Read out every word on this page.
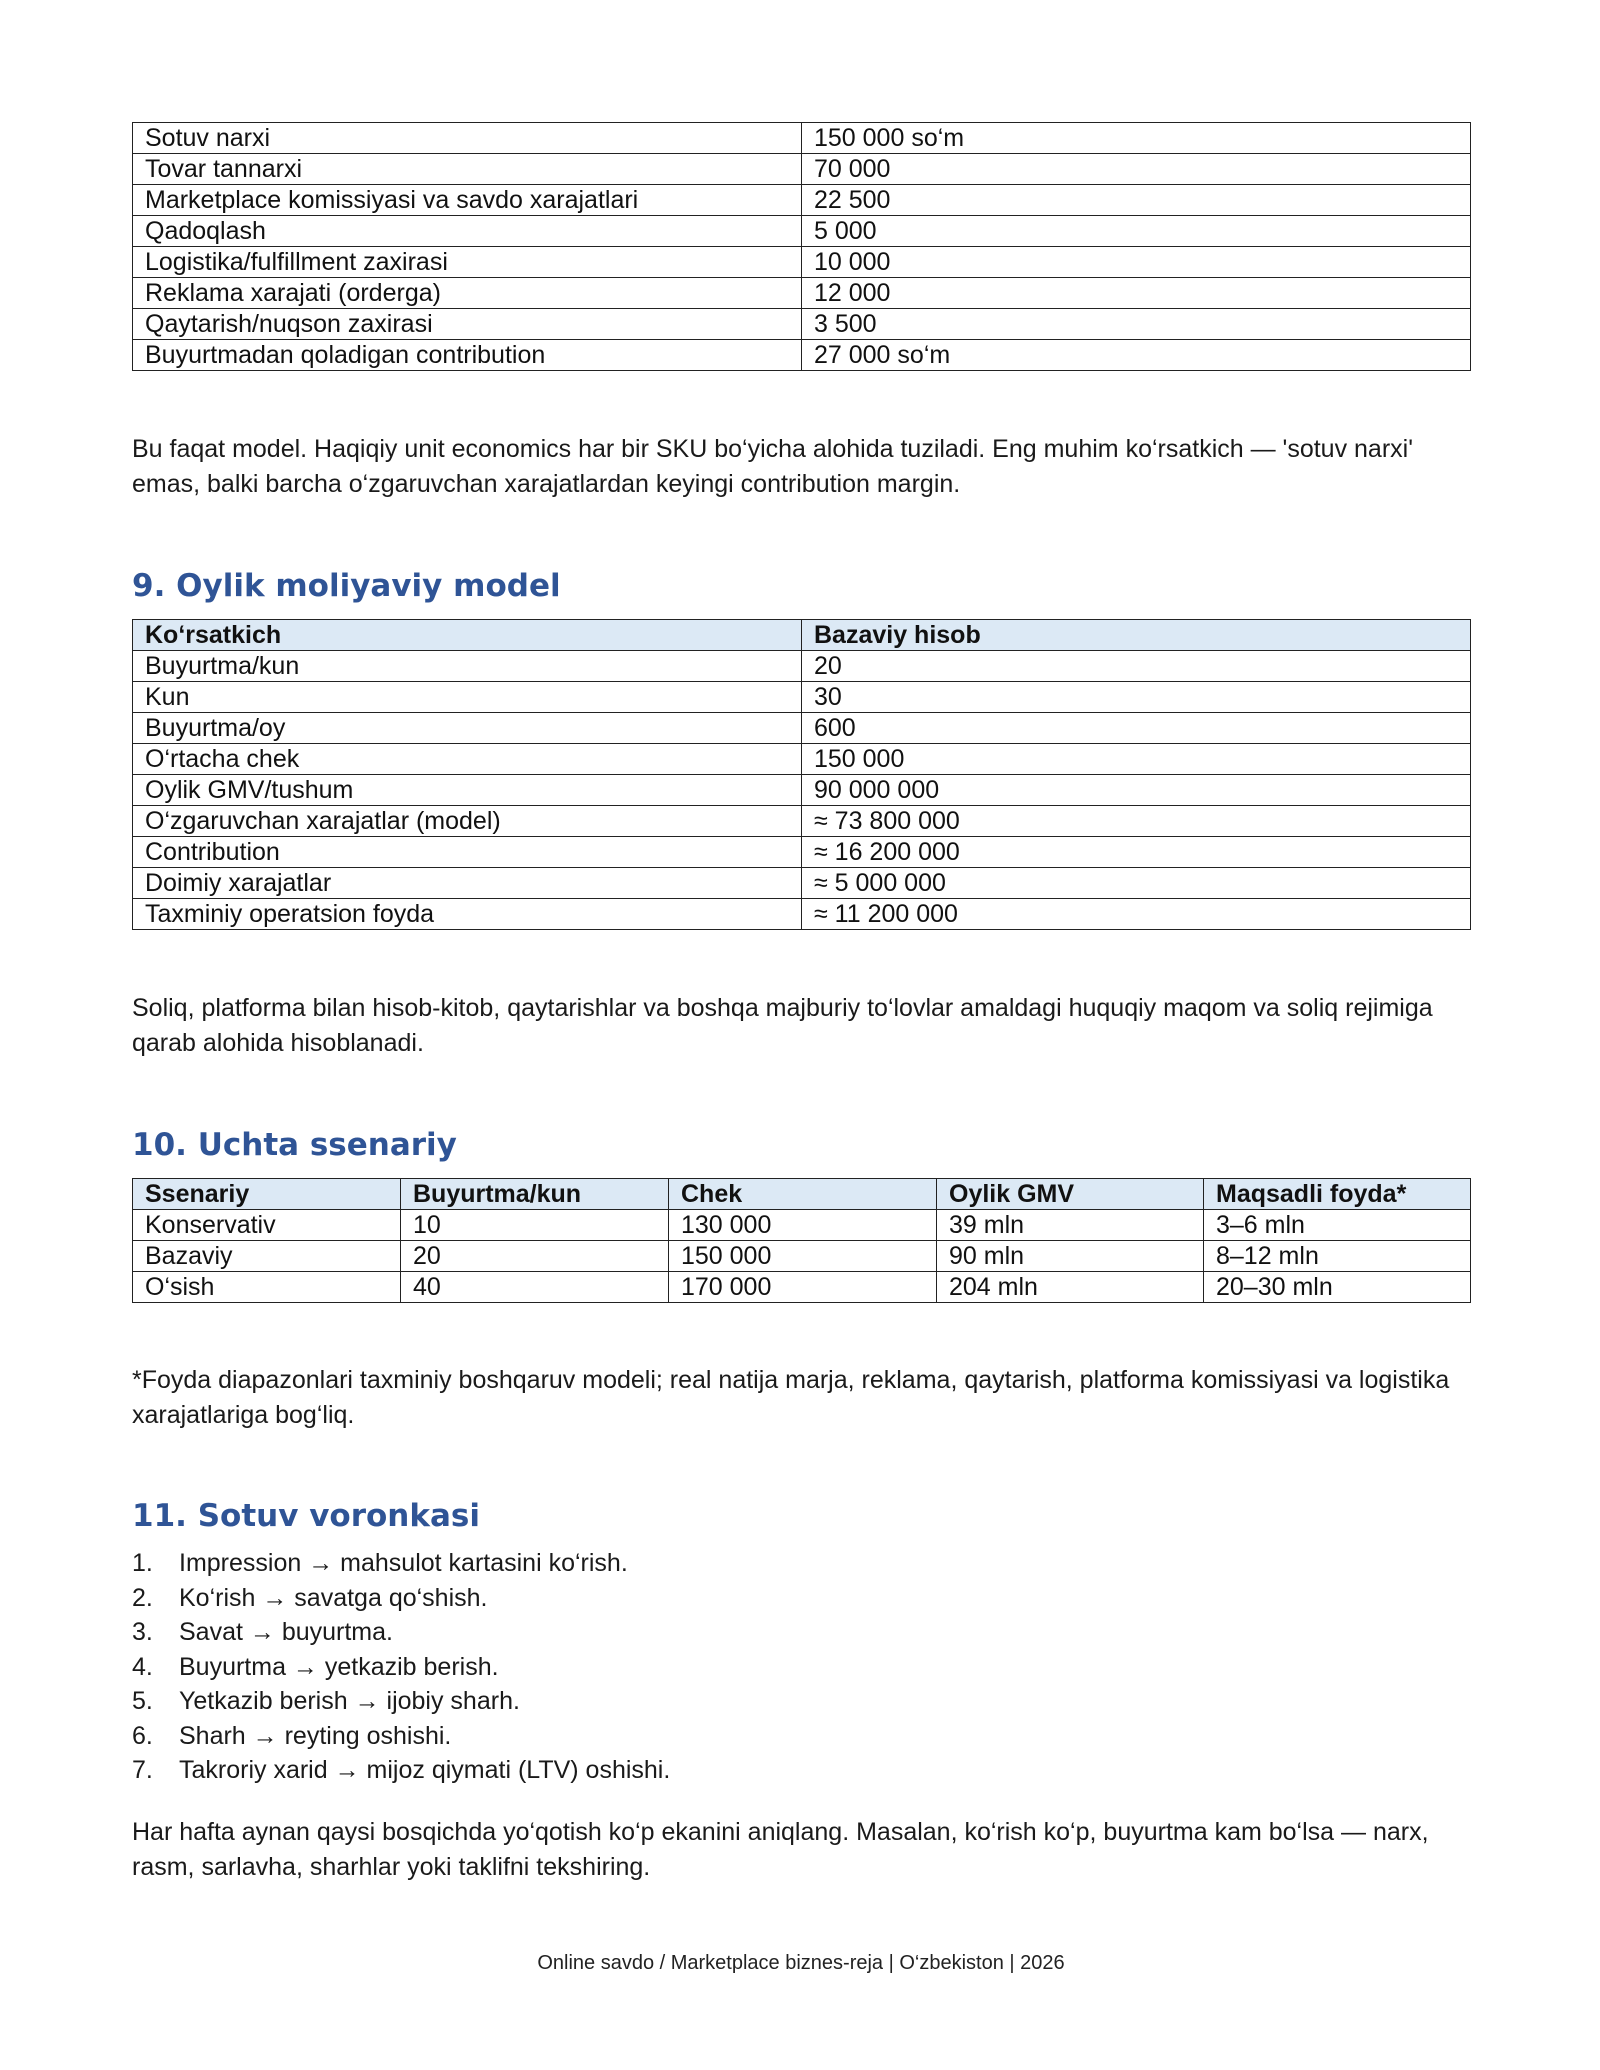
Sotuv narxi	150 000 so‘m
Tovar tannarxi	70 000
Marketplace komissiyasi va savdo xarajatlari	22 500
Qadoqlash	5 000
Logistika/fulfillment zaxirasi	10 000
Reklama xarajati (orderga)	12 000
Qaytarish/nuqson zaxirasi	3 500
Buyurtmadan qoladigan contribution	27 000 so‘m

Bu faqat model. Haqiqiy unit economics har bir SKU bo‘yicha alohida tuziladi. Eng muhim ko‘rsatkich — 'sotuv narxi' emas, balki barcha o‘zgaruvchan xarajatlardan keyingi contribution margin.

9. Oylik moliyaviy model
Ko‘rsatkich	Bazaviy hisob
Buyurtma/kun	20
Kun	30
Buyurtma/oy	600
O‘rtacha chek	150 000
Oylik GMV/tushum	90 000 000
O‘zgaruvchan xarajatlar (model)	≈ 73 800 000
Contribution	≈ 16 200 000
Doimiy xarajatlar	≈ 5 000 000
Taxminiy operatsion foyda	≈ 11 200 000

Soliq, platforma bilan hisob-kitob, qaytarishlar va boshqa majburiy to‘lovlar amaldagi huquqiy maqom va soliq rejimiga qarab alohida hisoblanadi.

10. Uchta ssenariy
Ssenariy	Buyurtma/kun	Chek	Oylik GMV	Maqsadli foyda*
Konservativ	10	130 000	39 mln	3–6 mln
Bazaviy	20	150 000	90 mln	8–12 mln
O‘sish	40	170 000	204 mln	20–30 mln

*Foyda diapazonlari taxminiy boshqaruv modeli; real natija marja, reklama, qaytarish, platforma komissiyasi va logistika xarajatlariga bog‘liq.

11. Sotuv voronkasi
1.	Impression → mahsulot kartasini ko‘rish.
2.	Ko‘rish → savatga qo‘shish.
3.	Savat → buyurtma.
4.	Buyurtma → yetkazib berish.
5.	Yetkazib berish → ijobiy sharh.
6.	Sharh → reyting oshishi.
7.	Takroriy xarid → mijoz qiymati (LTV) oshishi.

Har hafta aynan qaysi bosqichda yo‘qotish ko‘p ekanini aniqlang. Masalan, ko‘rish ko‘p, buyurtma kam bo‘lsa — narx, rasm, sarlavha, sharhlar yoki taklifni tekshiring.

Online savdo / Marketplace biznes-reja | O‘zbekiston | 2026
